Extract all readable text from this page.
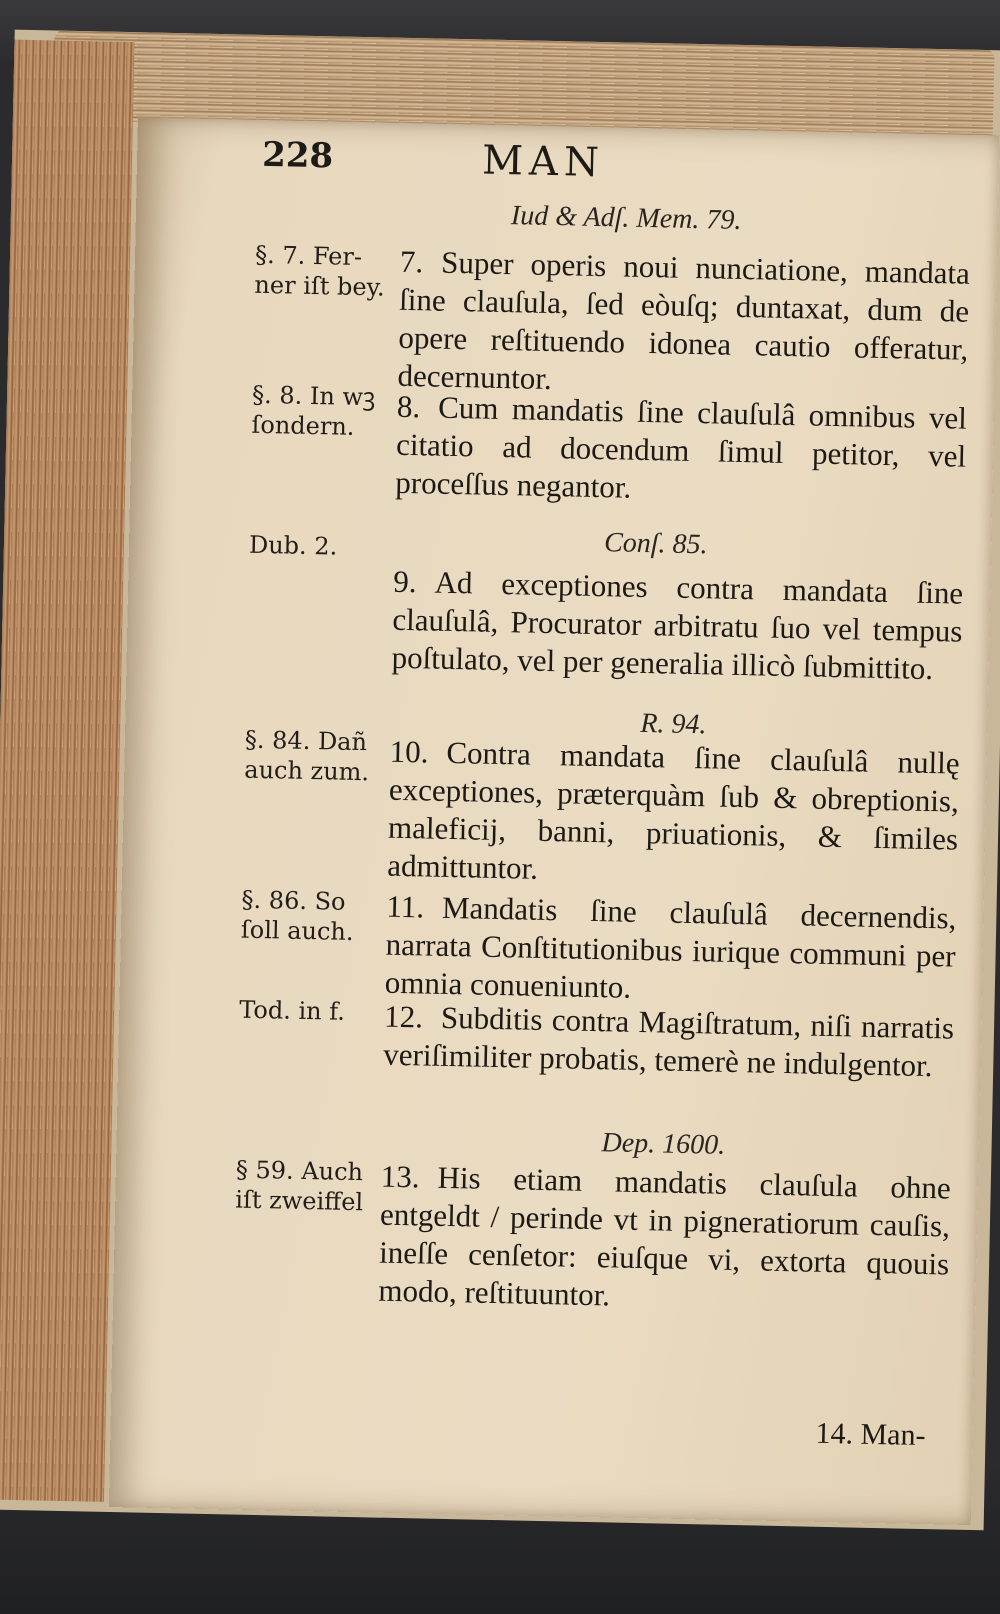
228	MAN
Iud & Adſ. Mem. 79.
Conſ. 85.
R. 94.
Dep. 1600.
§. 7. Fer-
ner iſt bey.
§. 8. In wꝫ
ſondern.
Dub. 2.
§. 84. Dañ
auch zum.
§. 86. So
ſoll auch.
Tod. in f.
§ 59. Auch
iſt zweiffel
7. Super operis noui nunciatione, mandata ſine clauſula, ſed eòuſq; duntaxat, dum de opere reſtituendo idonea cautio offeratur, decernuntor.
8. Cum mandatis ſine clauſulâ omnibus vel citatio ad docendum ſimul petitor, vel proceſſus negantor.
9. Ad exceptiones contra mandata ſine clauſulâ, Procurator arbitratu ſuo vel tempus poſtulato, vel per generalia illicò ſubmittito.
10. Contra mandata ſine clauſulâ nullę exceptiones, præterquàm ſub & obreptionis, maleficij, banni, priuationis, & ſimiles admittuntor.
11. Mandatis ſine clauſulâ decernendis, narrata Conſtitutionibus iurique communi per omnia conueniunto.
12. Subditis contra Magiſtratum, niſi narratis veriſimiliter probatis, temerè ne indulgentor.
13. His etiam mandatis clauſula ohne entgeldt / perinde vt in pigneratiorum cauſis, ineſſe cenſetor: eiuſque vi, extorta quouis modo, reſtituuntor.
14. Man-
